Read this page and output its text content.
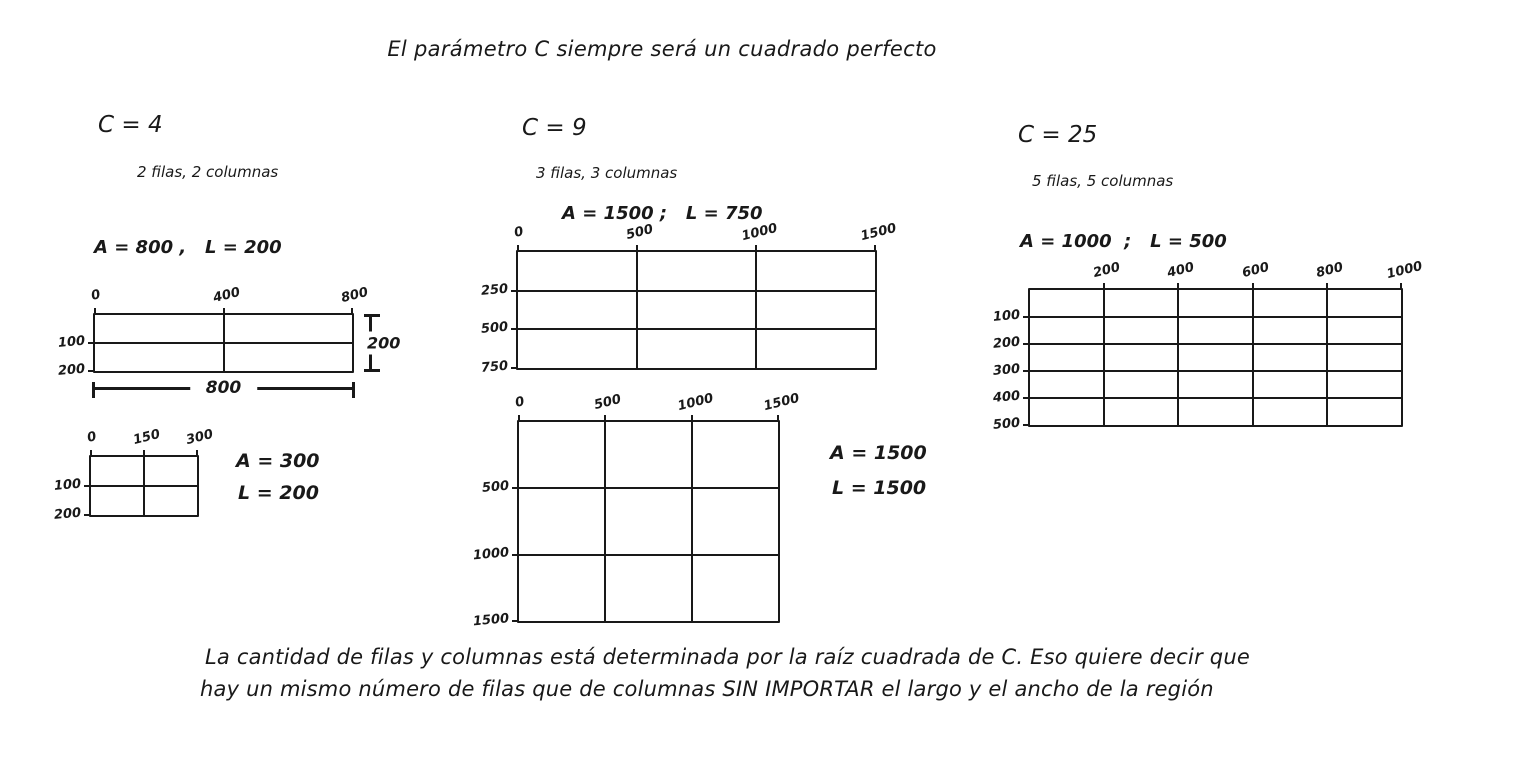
El parámetro C siempre será un cuadrado perfecto
C = 4
2 filas, 2 columnas
A = 800 ,   L = 200
200
800
0	400	800
100
200
0	150 300
100
200
A = 300
L = 200
C = 9
3 filas, 3 columnas
A = 1500 ;   L = 750
0	500	1000	1500
250
500
750
0	500	1000	1500
500
1000
1500
A = 1500
L = 1500
C = 25
5 filas, 5 columnas
A = 1000  ;   L = 500
200	400	600	800	1000
100
200
300
400
500
La cantidad de filas y columnas está determinada por la raíz cuadrada de C. Eso quiere decir que
hay un mismo número de filas que de columnas SIN IMPORTAR el largo y el ancho de la región
